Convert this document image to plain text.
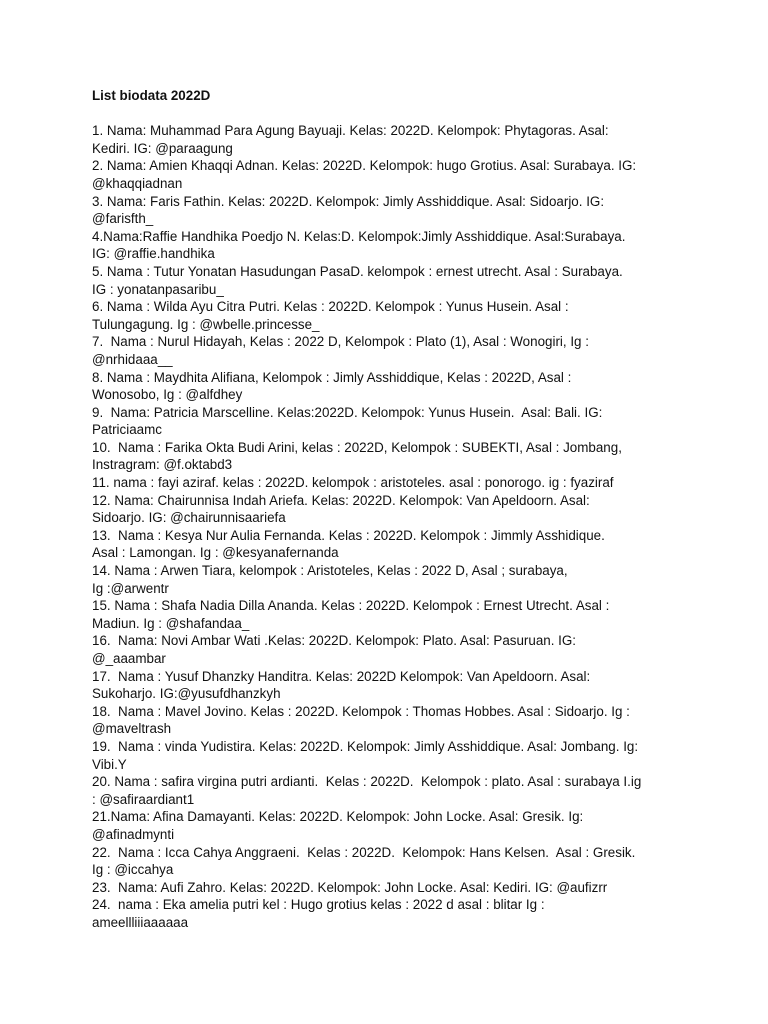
List biodata 2022D

1. Nama: Muhammad Para Agung Bayuaji. Kelas: 2022D. Kelompok: Phytagoras. Asal:
Kediri. IG: @paraagung
2. Nama: Amien Khaqqi Adnan. Kelas: 2022D. Kelompok: hugo Grotius. Asal: Surabaya. IG:
@khaqqiadnan
3. Nama: Faris Fathin. Kelas: 2022D. Kelompok: Jimly Asshiddique. Asal: Sidoarjo. IG:
@farisfth_
4.Nama:Raffie Handhika Poedjo N. Kelas:D. Kelompok:Jimly Asshiddique. Asal:Surabaya.
IG: @raffie.handhika
5. Nama : Tutur Yonatan Hasudungan PasaD. kelompok : ernest utrecht. Asal : Surabaya.
IG : yonatanpasaribu_
6. Nama : Wilda Ayu Citra Putri. Kelas : 2022D. Kelompok : Yunus Husein. Asal :
Tulungagung. Ig : @wbelle.princesse_
7.  Nama : Nurul Hidayah, Kelas : 2022 D, Kelompok : Plato (1), Asal : Wonogiri, Ig :
@nrhidaaa__
8. Nama : Maydhita Alifiana, Kelompok : Jimly Asshiddique, Kelas : 2022D, Asal :
Wonosobo, Ig : @alfdhey
9.  Nama: Patricia Marscelline. Kelas:2022D. Kelompok: Yunus Husein.  Asal: Bali. IG:
Patriciaamc
10.  Nama : Farika Okta Budi Arini, kelas : 2022D, Kelompok : SUBEKTI, Asal : Jombang,
Instragram: @f.oktabd3
11. nama : fayi aziraf. kelas : 2022D. kelompok : aristoteles. asal : ponorogo. ig : fyaziraf
12. Nama: Chairunnisa Indah Ariefa. Kelas: 2022D. Kelompok: Van Apeldoorn. Asal:
Sidoarjo. IG: @chairunnisaariefa
13.  Nama : Kesya Nur Aulia Fernanda. Kelas : 2022D. Kelompok : Jimmly Asshidique.
Asal : Lamongan. Ig : @kesyanafernanda
14. Nama : Arwen Tiara, kelompok : Aristoteles, Kelas : 2022 D, Asal ; surabaya,
Ig :@arwentr
15. Nama : Shafa Nadia Dilla Ananda. Kelas : 2022D. Kelompok : Ernest Utrecht. Asal :
Madiun. Ig : @shafandaa_
16.  Nama: Novi Ambar Wati .Kelas: 2022D. Kelompok: Plato. Asal: Pasuruan. IG:
@_aaambar
17.  Nama : Yusuf Dhanzky Handitra. Kelas: 2022D Kelompok: Van Apeldoorn. Asal:
Sukoharjo. IG:@yusufdhanzkyh
18.  Nama : Mavel Jovino. Kelas : 2022D. Kelompok : Thomas Hobbes. Asal : Sidoarjo. Ig :
@maveltrash
19.  Nama : vinda Yudistira. Kelas: 2022D. Kelompok: Jimly Asshiddique. Asal: Jombang. Ig:
Vibi.Y
20. Nama : safira virgina putri ardianti.  Kelas : 2022D.  Kelompok : plato. Asal : surabaya I.ig
: @safiraardiant1
21.Nama: Afina Damayanti. Kelas: 2022D. Kelompok: John Locke. Asal: Gresik. Ig:
@afinadmynti
22.  Nama : Icca Cahya Anggraeni.  Kelas : 2022D.  Kelompok: Hans Kelsen.  Asal : Gresik.
Ig : @iccahya
23.  Nama: Aufi Zahro. Kelas: 2022D. Kelompok: John Locke. Asal: Kediri. IG: @aufizrr
24.  nama : Eka amelia putri kel : Hugo grotius kelas : 2022 d asal : blitar Ig :
ameellliiiaaaaaa
